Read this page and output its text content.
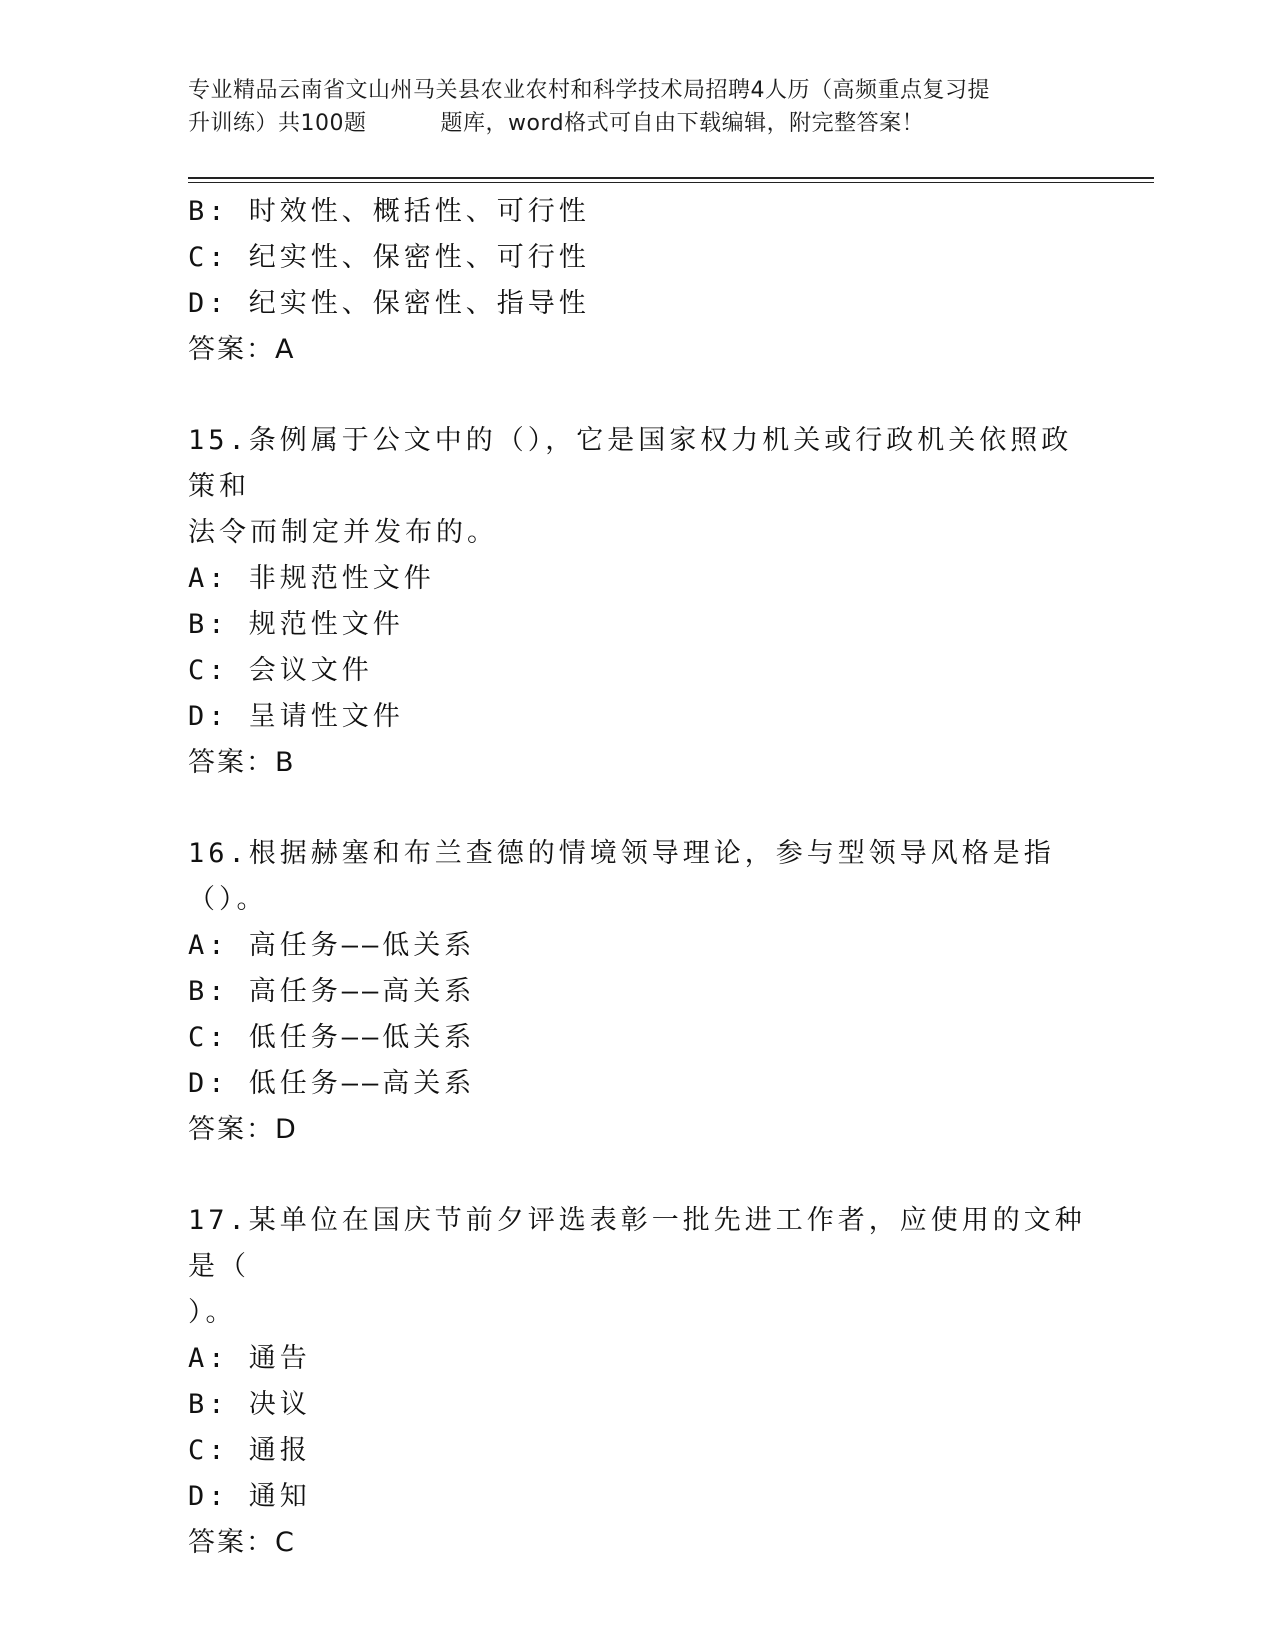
专业精品云南省文山州马关县农业农村和科学技术局招聘4人历（高频重点复习提
升训练）共100题	题库，word格式可自由下载编辑，附完整答案！

B: 时效性、概括性、可行性

C: 纪实性、保密性、可行性

D: 纪实性、保密性、指导性

答案：A

15.条例属于公文中的（），它是国家权力机关或行政机关依照政策和

法令而制定并发布的。

A: 非规范性文件

B: 规范性文件

C: 会议文件

D: 呈请性文件

答案：B

16.根据赫塞和布兰查德的情境领导理论，参与型领导风格是指（）。

A: 高任务——低关系

B: 高任务——高关系

C: 低任务——低关系

D: 低任务——高关系

答案：D

17.某单位在国庆节前夕评选表彰一批先进工作者，应使用的文种是（

）。

A: 通告

B: 决议

C: 通报

D: 通知

答案：C
